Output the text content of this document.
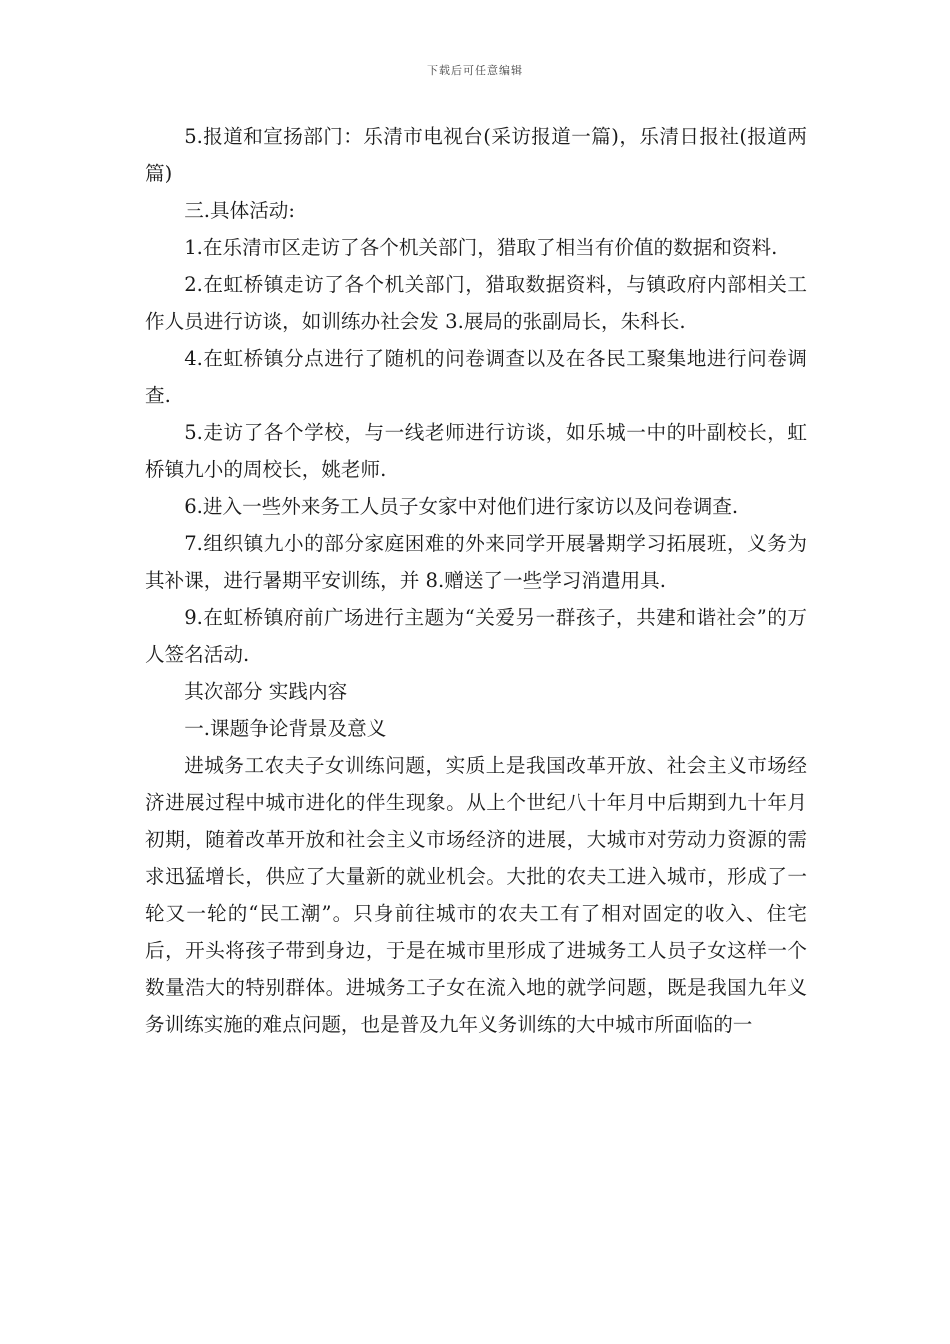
下载后可任意编辑

5.报道和宣扬部门：乐清市电视台(采访报道一篇)，乐清日报社(报道两篇)

三.具体活动:

1.在乐清市区走访了各个机关部门，猎取了相当有价值的数据和资料.

2.在虹桥镇走访了各个机关部门，猎取数据资料，与镇政府内部相关工作人员进行访谈，如训练办社会发 3.展局的张副局长，朱科长.

4.在虹桥镇分点进行了随机的问卷调查以及在各民工聚集地进行问卷调查.

5.走访了各个学校，与一线老师进行访谈，如乐城一中的叶副校长，虹桥镇九小的周校长，姚老师.

6.进入一些外来务工人员子女家中对他们进行家访以及问卷调查.

7.组织镇九小的部分家庭困难的外来同学开展暑期学习拓展班，义务为其补课，进行暑期平安训练，并 8.赠送了一些学习消遣用具.

9.在虹桥镇府前广场进行主题为“关爱另一群孩子，共建和谐社会”的万人签名活动.

其次部分 实践内容

一.课题争论背景及意义

进城务工农夫子女训练问题，实质上是我国改革开放、社会主义市场经济进展过程中城市进化的伴生现象。从上个世纪八十年月中后期到九十年月初期，随着改革开放和社会主义市场经济的进展，大城市对劳动力资源的需求迅猛增长，供应了大量新的就业机会。大批的农夫工进入城市，形成了一轮又一轮的“民工潮”。只身前往城市的农夫工有了相对固定的收入、住宅后，开头将孩子带到身边，于是在城市里形成了进城务工人员子女这样一个数量浩大的特别群体。进城务工子女在流入地的就学问题，既是我国九年义务训练实施的难点问题，也是普及九年义务训练的大中城市所面临的一
